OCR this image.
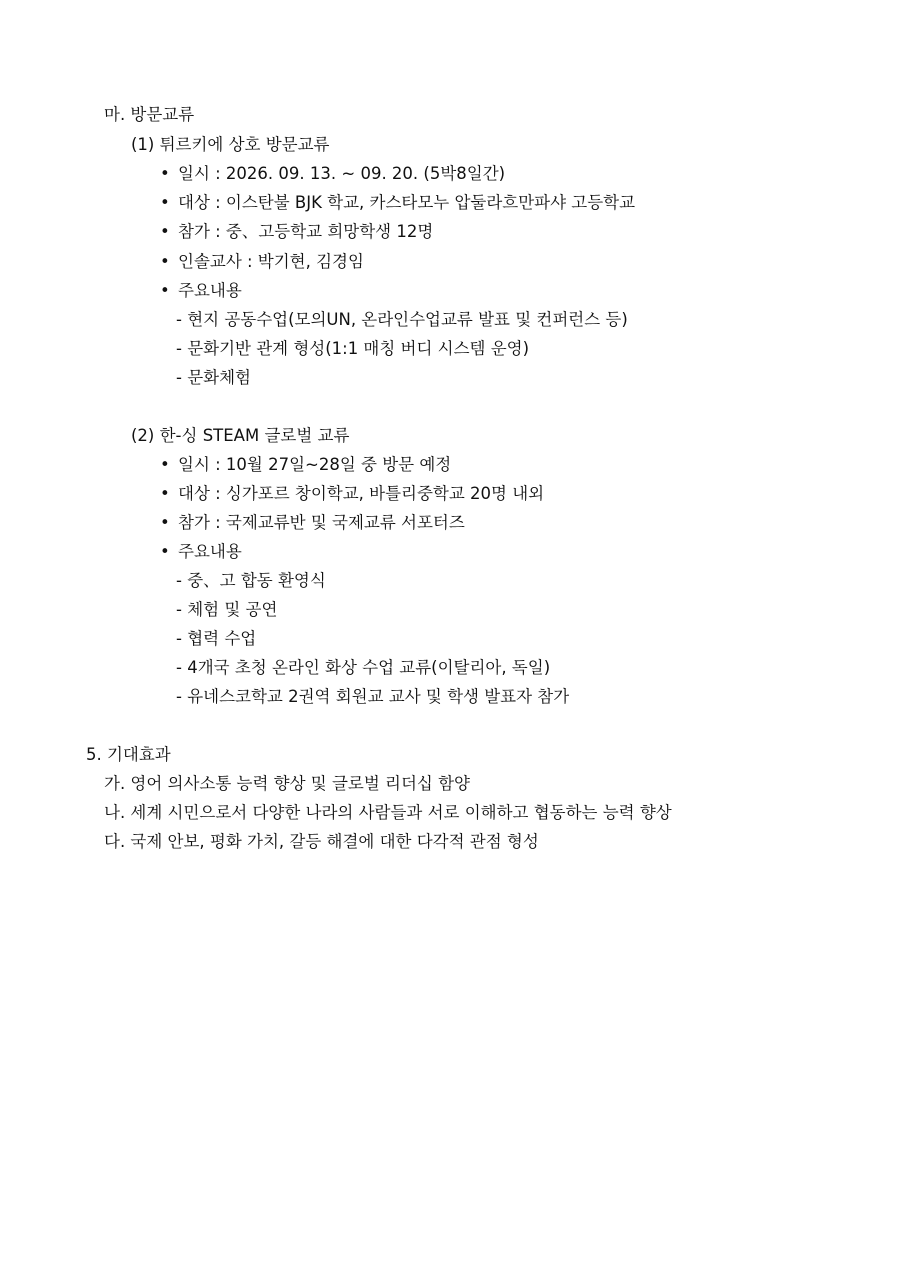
마. 방문교류
(1) 튀르키에 상호 방문교류
• 일시 : 2026. 09. 13. ~ 09. 20. (5박8일간)
• 대상 : 이스탄불 BJK 학교, 카스타모누 압둘라흐만파샤 고등학교
• 참가 : 중、고등학교 희망학생 12명
• 인솔교사 : 박기현, 김경임
• 주요내용
- 현지 공동수업(모의UN, 온라인수업교류 발표 및 컨퍼런스 등)
- 문화기반 관계 형성(1:1 매칭 버디 시스템 운영)
- 문화체험
(2) 한-싱 STEAM 글로벌 교류
• 일시 : 10월 27일~28일 중 방문 예정
• 대상 : 싱가포르 창이학교, 바틀리중학교 20명 내외
• 참가 : 국제교류반 및 국제교류 서포터즈
• 주요내용
- 중、고 합동 환영식
- 체험 및 공연
- 협력 수업
- 4개국 초청 온라인 화상 수업 교류(이탈리아, 독일)
- 유네스코학교 2권역 회원교 교사 및 학생 발표자 참가
5. 기대효과
가. 영어 의사소통 능력 향상 및 글로벌 리더십 함양
나. 세계 시민으로서 다양한 나라의 사람들과 서로 이해하고 협동하는 능력 향상
다. 국제 안보, 평화 가치, 갈등 해결에 대한 다각적 관점 형성
